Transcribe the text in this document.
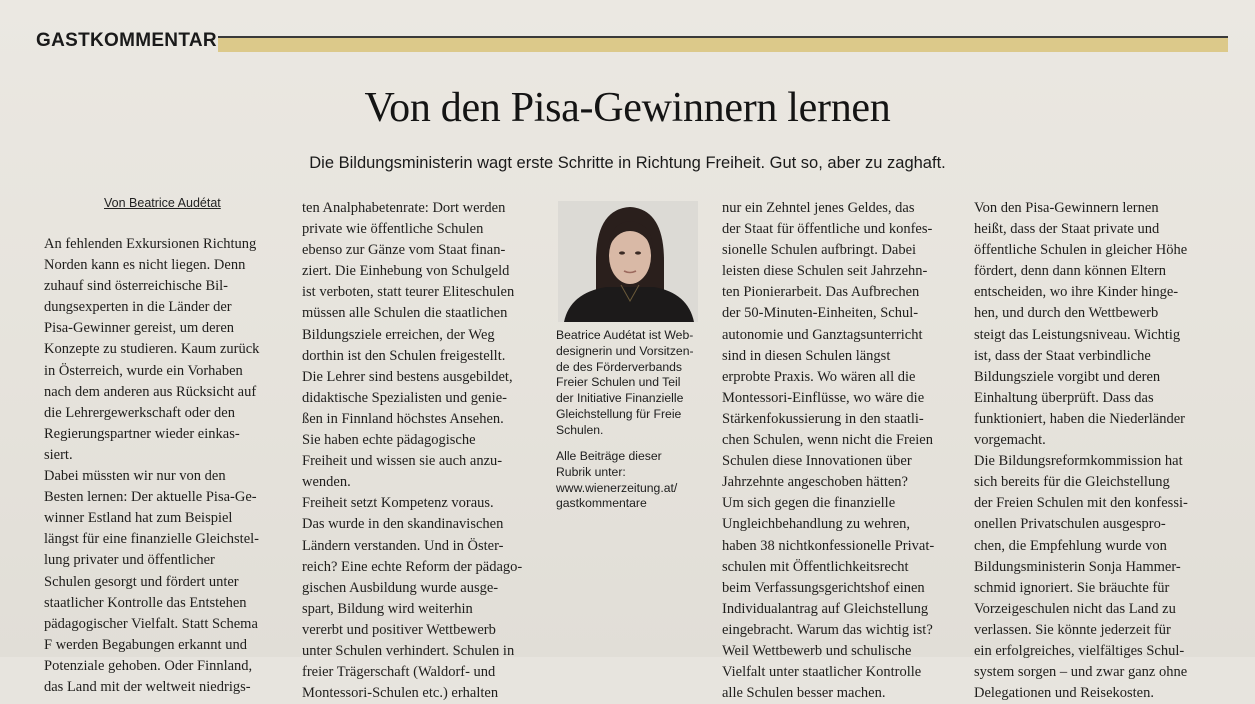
GASTKOMMENTAR
Von den Pisa-Gewinnern lernen
Die Bildungsministerin wagt erste Schritte in Richtung Freiheit. Gut so, aber zu zaghaft.
Von Beatrice Audétat
An fehlenden Exkursionen Richtung
Norden kann es nicht liegen. Denn
zuhauf sind österreichische Bil-
dungsexperten in die Länder der
Pisa-Gewinner gereist, um deren
Konzepte zu studieren. Kaum zurück
in Österreich, wurde ein Vorhaben
nach dem anderen aus Rücksicht auf
die Lehrergewerkschaft oder den
Regierungspartner wieder einkas-
siert.
Dabei müssten wir nur von den
Besten lernen: Der aktuelle Pisa-Ge-
winner Estland hat zum Beispiel
längst für eine finanzielle Gleichstel-
lung privater und öffentlicher
Schulen gesorgt und fördert unter
staatlicher Kontrolle das Entstehen
pädagogischer Vielfalt. Statt Schema
F werden Begabungen erkannt und
Potenziale gehoben. Oder Finnland,
das Land mit der weltweit niedrigs-
ten Analphabetenrate: Dort werden
private wie öffentliche Schulen
ebenso zur Gänze vom Staat finan-
ziert. Die Einhebung von Schulgeld
ist verboten, statt teurer Eliteschulen
müssen alle Schulen die staatlichen
Bildungsziele erreichen, der Weg
dorthin ist den Schulen freigestellt.
Die Lehrer sind bestens ausgebildet,
didaktische Spezialisten und genie-
ßen in Finnland höchstes Ansehen.
Sie haben echte pädagogische
Freiheit und wissen sie auch anzu-
wenden.
Freiheit setzt Kompetenz voraus.
Das wurde in den skandinavischen
Ländern verstanden. Und in Öster-
reich? Eine echte Reform der pädago-
gischen Ausbildung wurde ausge-
spart, Bildung wird weiterhin
vererbt und positiver Wettbewerb
unter Schulen verhindert. Schulen in
freier Trägerschaft (Waldorf- und
Montessori-Schulen etc.) erhalten
nur ein Zehntel jenes Geldes, das
der Staat für öffentliche und konfes-
sionelle Schulen aufbringt. Dabei
leisten diese Schulen seit Jahrzehn-
ten Pionierarbeit. Das Aufbrechen
der 50-Minuten-Einheiten, Schul-
autonomie und Ganztagsunterricht
sind in diesen Schulen längst
erprobte Praxis. Wo wären all die
Montessori-Einflüsse, wo wäre die
Stärkenfokussierung in den staatli-
chen Schulen, wenn nicht die Freien
Schulen diese Innovationen über
Jahrzehnte angeschoben hätten?
Um sich gegen die finanzielle
Ungleichbehandlung zu wehren,
haben 38 nichtkonfessionelle Privat-
schulen mit Öffentlichkeitsrecht
beim Verfassungsgerichtshof einen
Individualantrag auf Gleichstellung
eingebracht. Warum das wichtig ist?
Weil Wettbewerb und schulische
Vielfalt unter staatlicher Kontrolle
alle Schulen besser machen.
Von den Pisa-Gewinnern lernen
heißt, dass der Staat private und
öffentliche Schulen in gleicher Höhe
fördert, denn dann können Eltern
entscheiden, wo ihre Kinder hinge-
hen, und durch den Wettbewerb
steigt das Leistungsniveau. Wichtig
ist, dass der Staat verbindliche
Bildungsziele vorgibt und deren
Einhaltung überprüft. Dass das
funktioniert, haben die Niederländer
vorgemacht.
Die Bildungsreformkommission hat
sich bereits für die Gleichstellung
der Freien Schulen mit den konfessi-
onellen Privatschulen ausgespro-
chen, die Empfehlung wurde von
Bildungsministerin Sonja Hammer-
schmid ignoriert. Sie bräuchte für
Vorzeigeschulen nicht das Land zu
verlassen. Sie könnte jederzeit für
ein erfolgreiches, vielfältiges Schul-
system sorgen – und zwar ganz ohne
Delegationen und Reisekosten.
Beatrice Audétat ist Web-
designerin und Vorsitzen-
de des Förderverbands
Freier Schulen und Teil
der Initiative Finanzielle
Gleichstellung für Freie
Schulen.
Alle Beiträge dieser
Rubrik unter:
www.wienerzeitung.at/
gastkommentare
